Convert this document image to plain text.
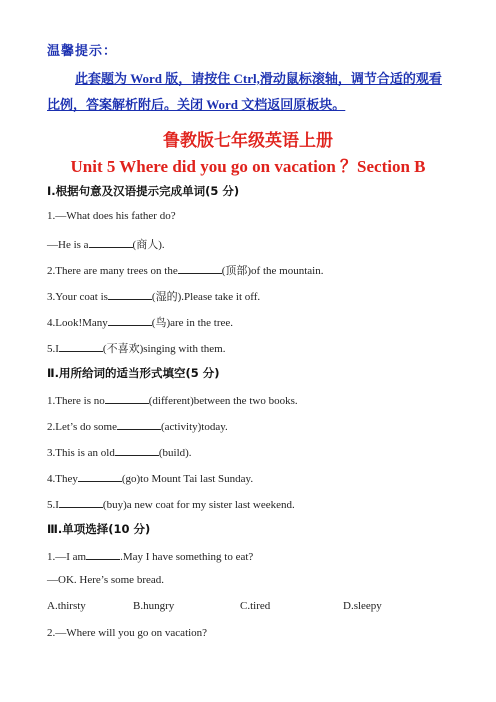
温馨提示：
此套题为 Word 版，请按住 Ctrl,滑动鼠标滚轴，调节合适的观看
比例，答案解析附后。关闭 Word 文档返回原板块。
鲁教版七年级英语上册
Unit 5 Where did you go on vacation ？Section B
Ⅰ.根据句意及汉语提示完成单词(5 分)
1.—What does his father do?
—He is a	(商人).
2.There are many trees on the	(顶部)of the mountain.
3.Your coat is	(湿的).Please take it off.
4.Look!Many	(鸟)are in the tree.
5.I	(不喜欢)singing with them.
Ⅱ.用所给词的适当形式填空(5 分)
1.There is no	(different)between the two books.
2.Let’s do some	(activity)today.
3.This is an old	(build).
4.They	(go)to Mount Tai last Sunday.
5.I	(buy)a new coat for my sister last weekend.
Ⅲ.单项选择(10 分)
1.—I am	.May I have something to eat?
—OK. Here’s some bread.
A.thirsty	B.hungry	C.tired	D.sleepy
2.—Where will you go on vacation?
